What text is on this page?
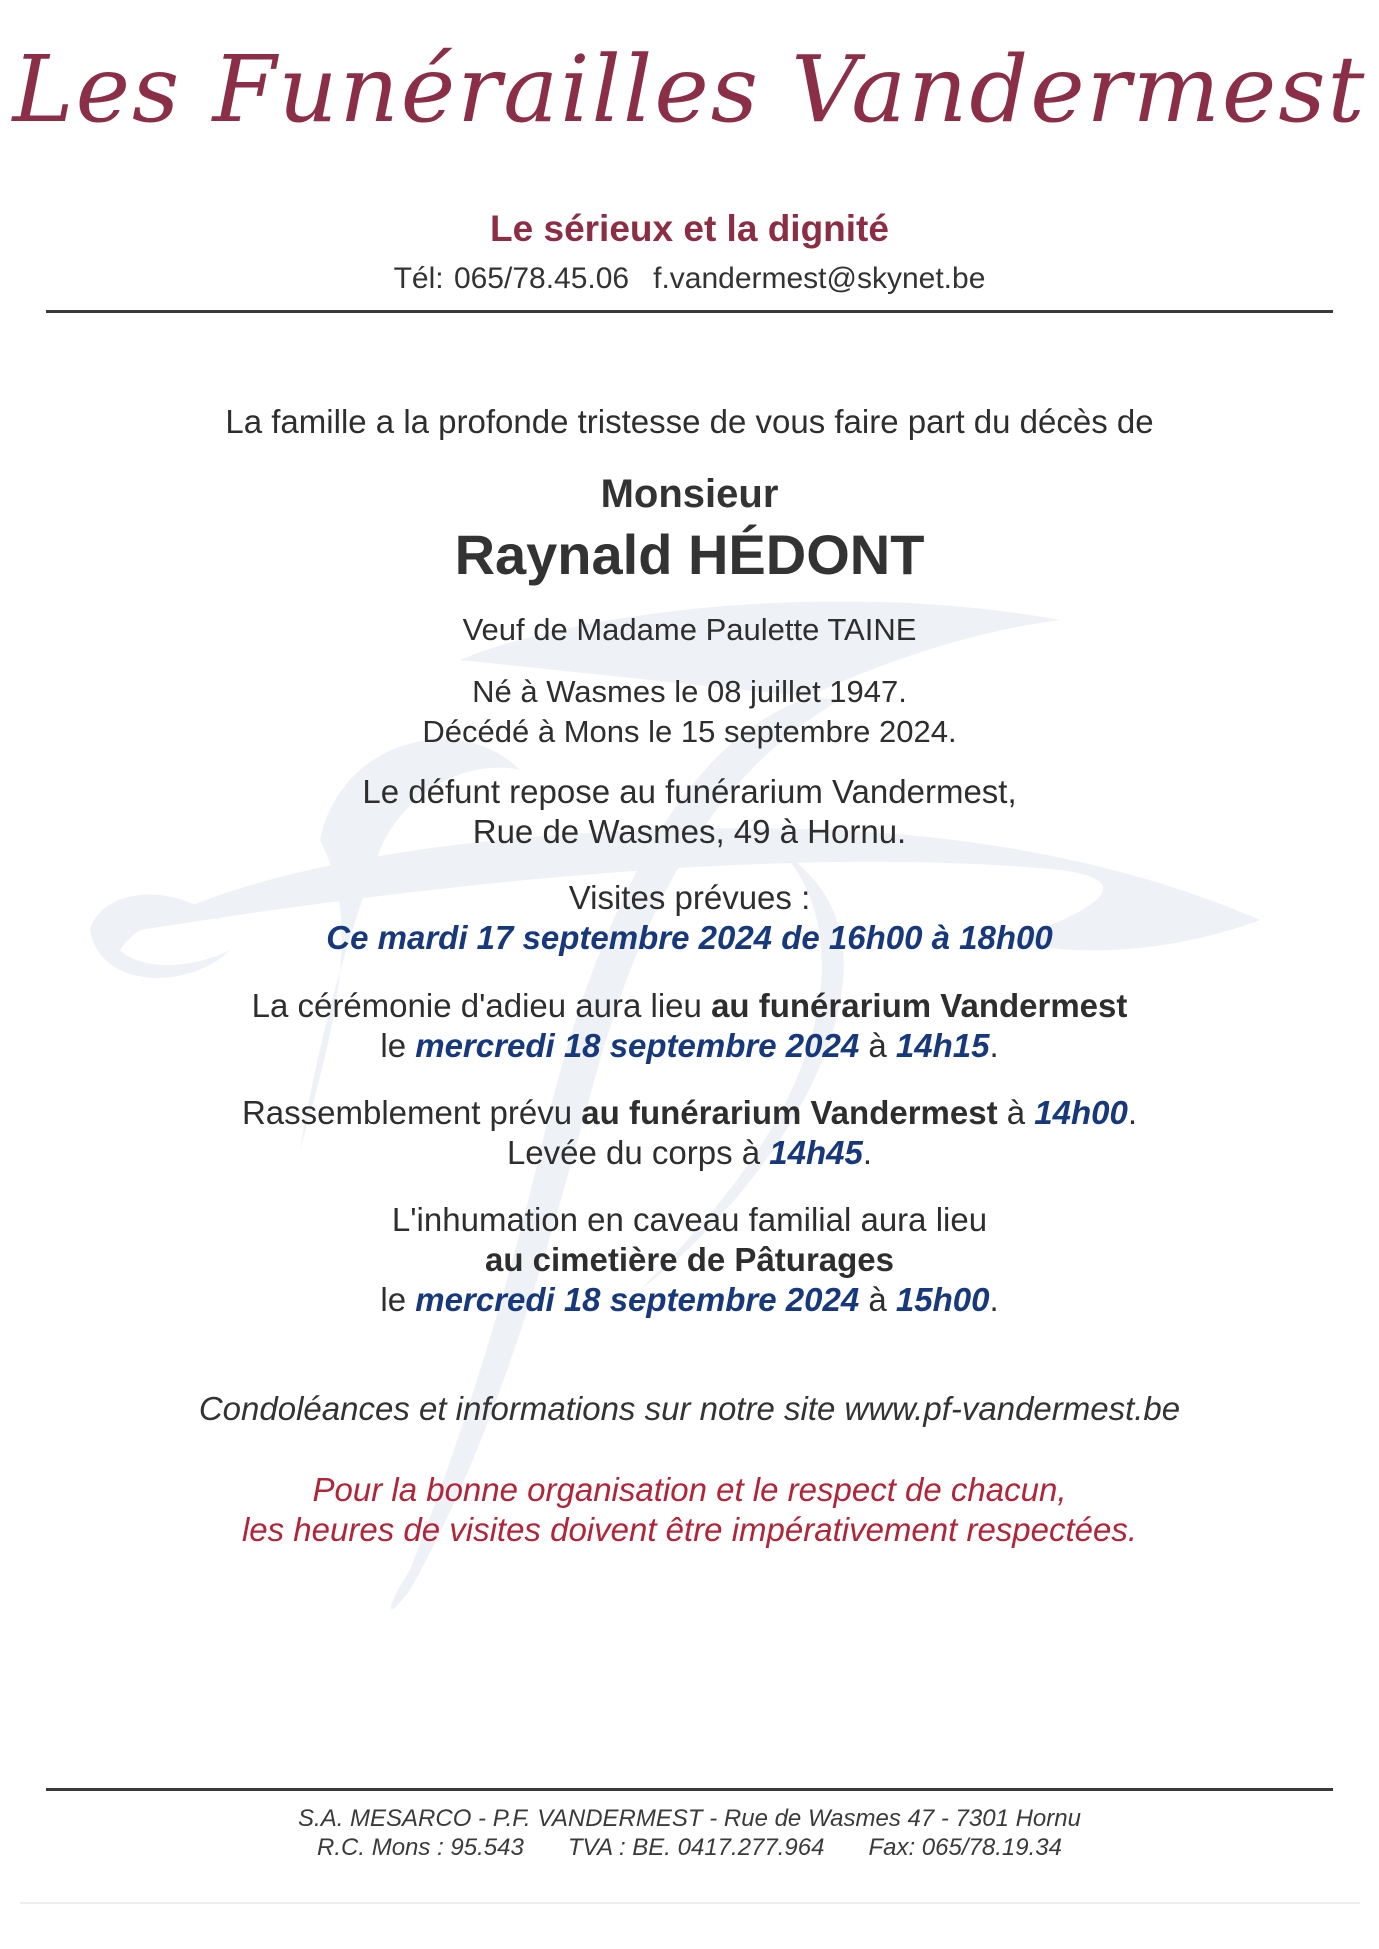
Les Funérailles Vandermest
Le sérieux et la dignité
Tél: 065/78.45.06 f.vandermest@skynet.be
La famille a la profonde tristesse de vous faire part du décès de
Monsieur
Raynald HÉDONT
Veuf de Madame Paulette TAINE
Né à Wasmes le 08 juillet 1947.
Décédé à Mons le 15 septembre 2024.
Le défunt repose au funérarium Vandermest,
Rue de Wasmes, 49 à Hornu.
Visites prévues :
Ce mardi 17 septembre 2024 de 16h00 à 18h00
La cérémonie d'adieu aura lieu au funérarium Vandermest
le mercredi 18 septembre 2024 à 14h15.
Rassemblement prévu au funérarium Vandermest à 14h00.
Levée du corps à 14h45.
L'inhumation en caveau familial aura lieu
au cimetière de Pâturages
le mercredi 18 septembre 2024 à 15h00.
Condoléances et informations sur notre site www.pf-vandermest.be
Pour la bonne organisation et le respect de chacun,
les heures de visites doivent être impérativement respectées.
S.A. MESARCO - P.F. VANDERMEST - Rue de Wasmes 47 - 7301 Hornu
R.C. Mons : 95.543 TVA : BE. 0417.277.964 Fax: 065/78.19.34
